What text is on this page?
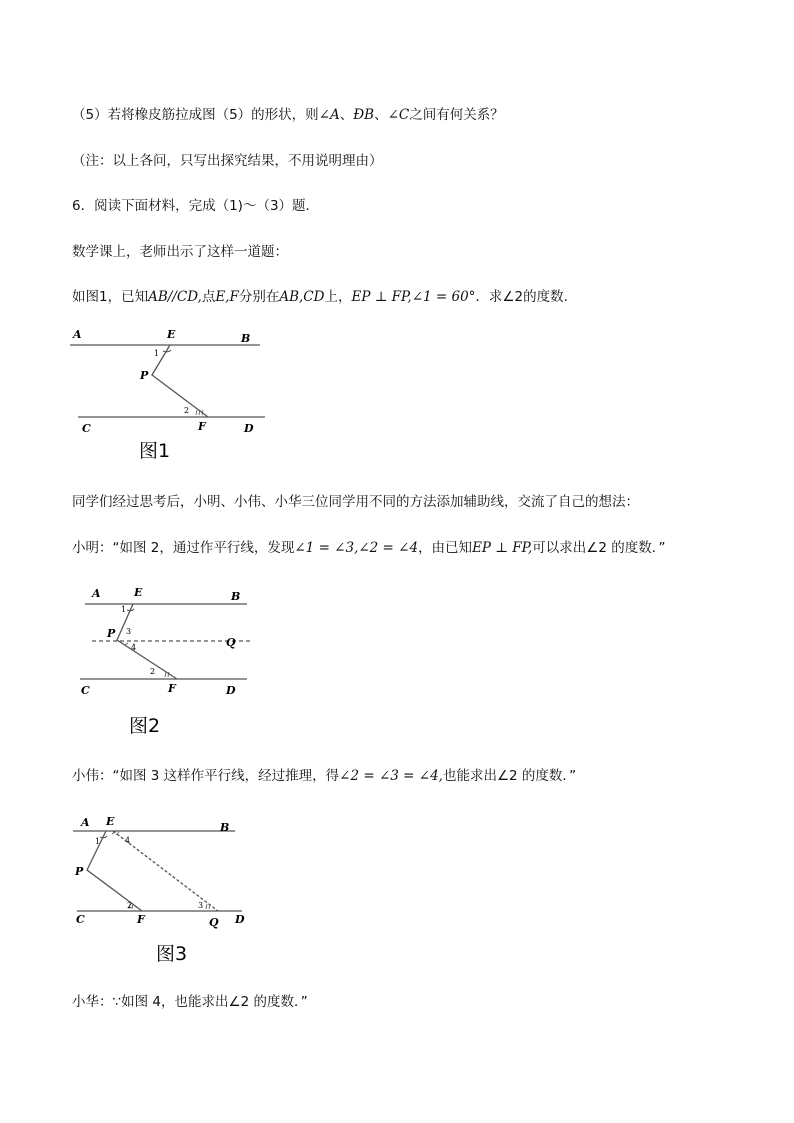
（5）若将橡皮筋拉成图（5）的形状，则∠A、ÐB、∠C之间有何关系？

（注：以上各问，只写出探究结果，不用说明理由）

6．阅读下面材料，完成（1)～（3）题．

数学课上，老师出示了这样一道题：

如图1，已知AB//CD,点E,F分别在AB,CD上，EP ⊥ FP,∠1 = 60°．求∠2的度数．

A	E	B
1
P
2
C	F	D
图1

同学们经过思考后，小明、小伟、小华三位同学用不同的方法添加辅助线，交流了自己的想法：

小明：“如图 2，通过作平行线，发现∠1 = ∠3,∠2 = ∠4，由已知EP ⊥ FP,可以求出∠2 的度数．”

A	E	B
1
P 3
4	Q
2
C	F	D
图2

小伟：“如图 3 这样作平行线，经过推理，得∠2 = ∠3 = ∠4,也能求出∠2 的度数．”

A E
4
B
1
P
2	3
C	F	Q D
图3

小华：∵如图 4，也能求出∠2 的度数．”
